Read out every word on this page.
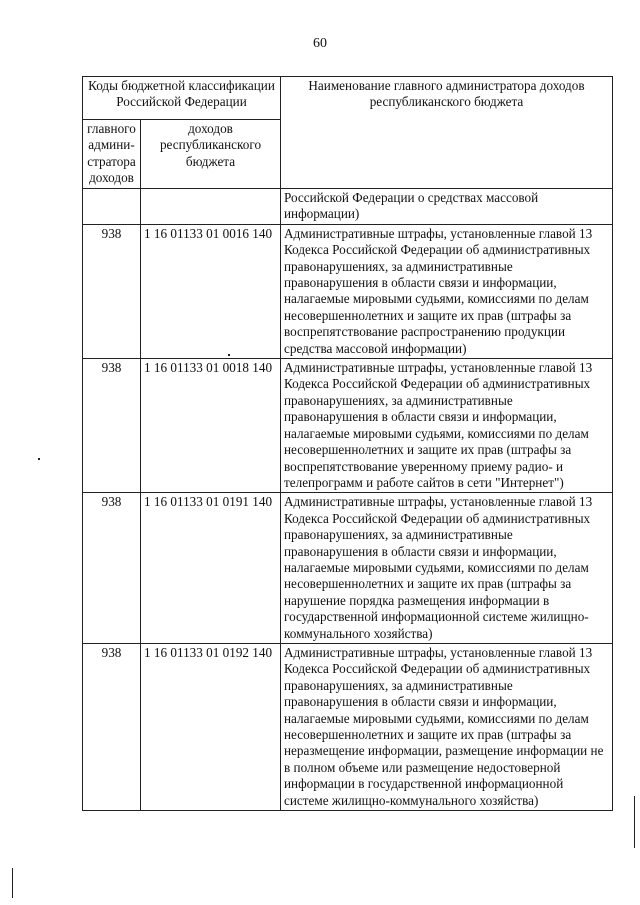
60
Коды бюджетной классификации Российской Федерации		Наименование главного администратора доходов республиканского бюджета
главного админи-стратора доходов	доходов республиканского бюджета	
		Российской Федерации о средствах массовой информации)
938	1 16 01133 01 0016 140	Административные штрафы, установленные главой 13 Кодекса Российской Федерации об административных правонарушениях, за административные правонарушения в области связи и информации, налагаемые мировыми судьями, комиссиями по делам несовершеннолетних и защите их прав (штрафы за воспрепятствование распространению продукции средства массовой информации)
938	1 16 01133 01 0018 140	Административные штрафы, установленные главой 13 Кодекса Российской Федерации об административных правонарушениях, за административные правонарушения в области связи и информации, налагаемые мировыми судьями, комиссиями по делам несовершеннолетних и защите их прав (штрафы за воспрепятствование уверенному приему радио- и телепрограмм и работе сайтов в сети "Интернет")
938	1 16 01133 01 0191 140	Административные штрафы, установленные главой 13 Кодекса Российской Федерации об административных правонарушениях, за административные правонарушения в области связи и информации, налагаемые мировыми судьями, комиссиями по делам несовершеннолетних и защите их прав (штрафы за нарушение порядка размещения информации в государственной информационной системе жилищно-коммунального хозяйства)
938	1 16 01133 01 0192 140	Административные штрафы, установленные главой 13 Кодекса Российской Федерации об административных правонарушениях, за административные правонарушения в области связи и информации, налагаемые мировыми судьями, комиссиями по делам несовершеннолетних и защите их прав (штрафы за неразмещение информации, размещение информации не в полном объеме или размещение недостоверной информации в государственной информационной системе жилищно-коммунального хозяйства)
